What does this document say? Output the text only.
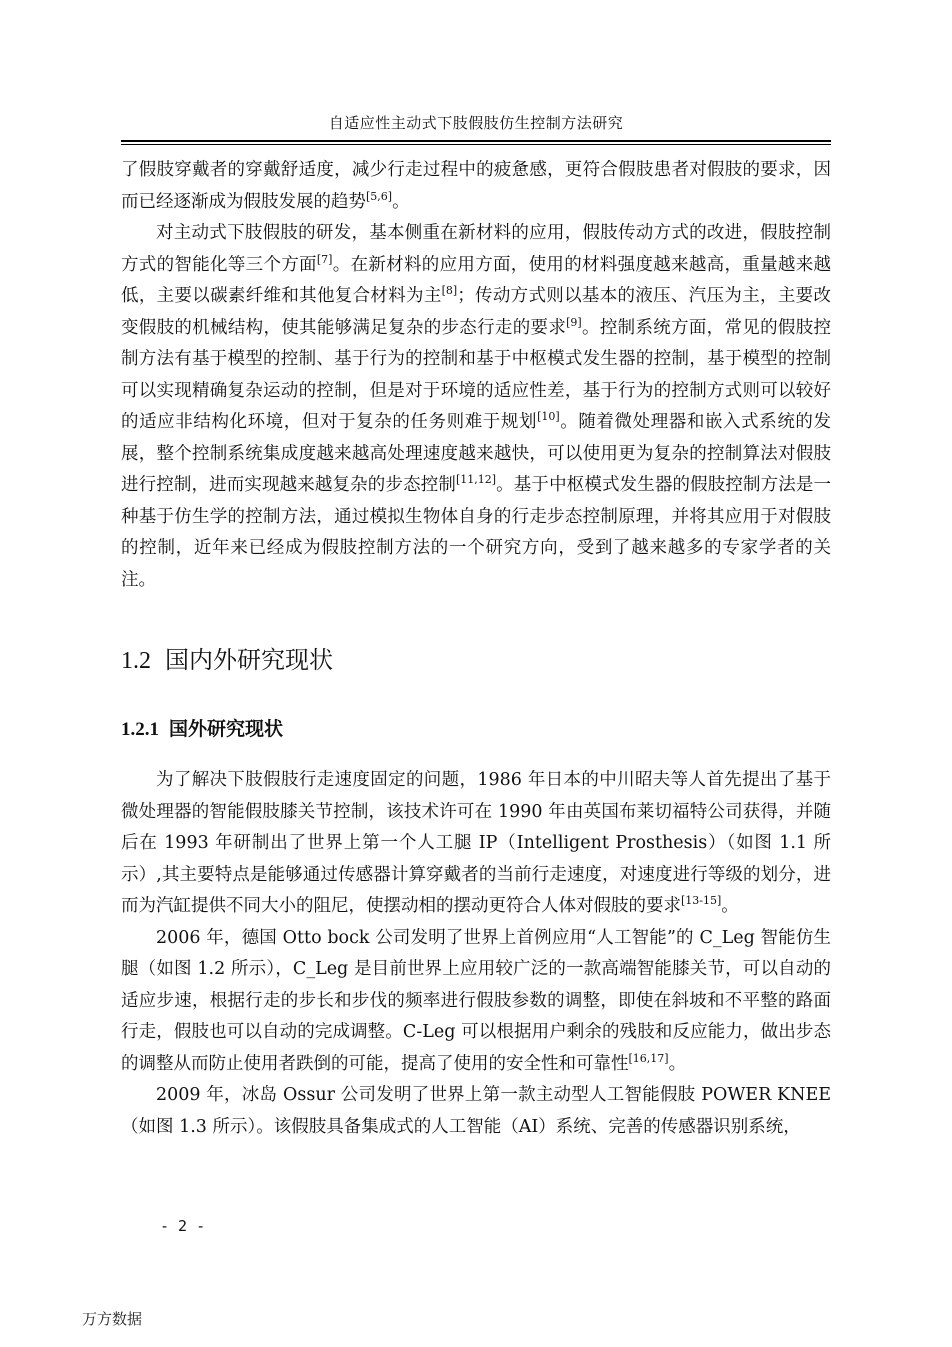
自适应性主动式下肢假肢仿生控制方法研究

了假肢穿戴者的穿戴舒适度，减少行走过程中的疲惫感，更符合假肢患者对假肢的要求，因而已经逐渐成为假肢发展的趋势[5,6]。

对主动式下肢假肢的研发，基本侧重在新材料的应用，假肢传动方式的改进，假肢控制方式的智能化等三个方面[7]。在新材料的应用方面，使用的材料强度越来越高，重量越来越低，主要以碳素纤维和其他复合材料为主[8]；传动方式则以基本的液压、汽压为主，主要改变假肢的机械结构，使其能够满足复杂的步态行走的要求[9]。控制系统方面，常见的假肢控制方法有基于模型的控制、基于行为的控制和基于中枢模式发生器的控制，基于模型的控制可以实现精确复杂运动的控制，但是对于环境的适应性差，基于行为的控制方式则可以较好的适应非结构化环境，但对于复杂的任务则难于规划[10]。随着微处理器和嵌入式系统的发展，整个控制系统集成度越来越高处理速度越来越快，可以使用更为复杂的控制算法对假肢进行控制，进而实现越来越复杂的步态控制[11,12]。基于中枢模式发生器的假肢控制方法是一种基于仿生学的控制方法，通过模拟生物体自身的行走步态控制原理，并将其应用于对假肢的控制，近年来已经成为假肢控制方法的一个研究方向，受到了越来越多的专家学者的关注。

1.2 国内外研究现状
1.2.1 国外研究现状

为了解决下肢假肢行走速度固定的问题，1986 年日本的中川昭夫等人首先提出了基于微处理器的智能假肢膝关节控制，该技术许可在 1990 年由英国布莱切福特公司获得，并随后在 1993 年研制出了世界上第一个人工腿 IP（Intelligent Prosthesis）（如图 1.1 所示）,其主要特点是能够通过传感器计算穿戴者的当前行走速度，对速度进行等级的划分，进而为汽缸提供不同大小的阻尼，使摆动相的摆动更符合人体对假肢的要求[13-15]。

2006 年，德国 Otto bock 公司发明了世界上首例应用“人工智能”的 C_Leg 智能仿生腿（如图 1.2 所示），C_Leg 是目前世界上应用较广泛的一款高端智能膝关节，可以自动的适应步速，根据行走的步长和步伐的频率进行假肢参数的调整，即使在斜坡和不平整的路面行走，假肢也可以自动的完成调整。C-Leg 可以根据用户剩余的残肢和反应能力，做出步态的调整从而防止使用者跌倒的可能，提高了使用的安全性和可靠性[16,17]。

2009 年，冰岛 Ossur 公司发明了世界上第一款主动型人工智能假肢 POWER KNEE（如图 1.3 所示）。该假肢具备集成式的人工智能（AI）系统、完善的传感器识别系统，

- 2 -
万方数据
